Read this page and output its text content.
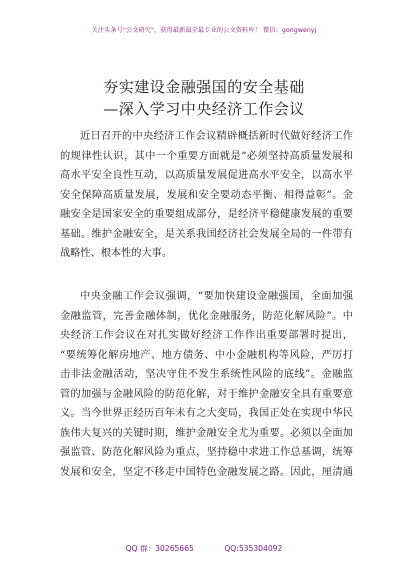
关注头条号"公文研究"，获得最新最全最专业的公文资料库！ 微信：gongwenyj
夯实建设金融强国的安全基础
—深入学习中央经济工作会议
近日召开的中央经济工作会议精辟概括新时代做好经济工作
的规律性认识，其中一个重要方面就是“必须坚持高质量发展和
高水平安全良性互动，以高质量发展促进高水平安全，以高水平
安全保障高质量发展，发展和安全要动态平衡、相得益彰”。金
融安全是国家安全的重要组成部分，是经济平稳健康发展的重要
基础。维护金融安全，是关系我国经济社会发展全局的一件带有
战略性、根本性的大事。
中央金融工作会议强调，“要加快建设金融强国，全面加强
金融监管，完善金融体制，优化金融服务，防范化解风险”。中
央经济工作会议在对扎实做好经济工作作出重要部署时提出，
“要统筹化解房地产、地方债务、中小金融机构等风险，严厉打
击非法金融活动，坚决守住不发生系统性风险的底线”。金融监
管的加强与金融风险的防范化解，对于维护金融安全具有重要意
义。当今世界正经历百年未有之大变局，我国正处在实现中华民
族伟大复兴的关键时期，维护金融安全尤为重要。必须以全面加
强监管、防范化解风险为重点，坚持稳中求进工作总基调，统筹
发展和安全，坚定不移走中国特色金融发展之路。因此，厘清通
QQ 群：30265665	QQ:535304092
